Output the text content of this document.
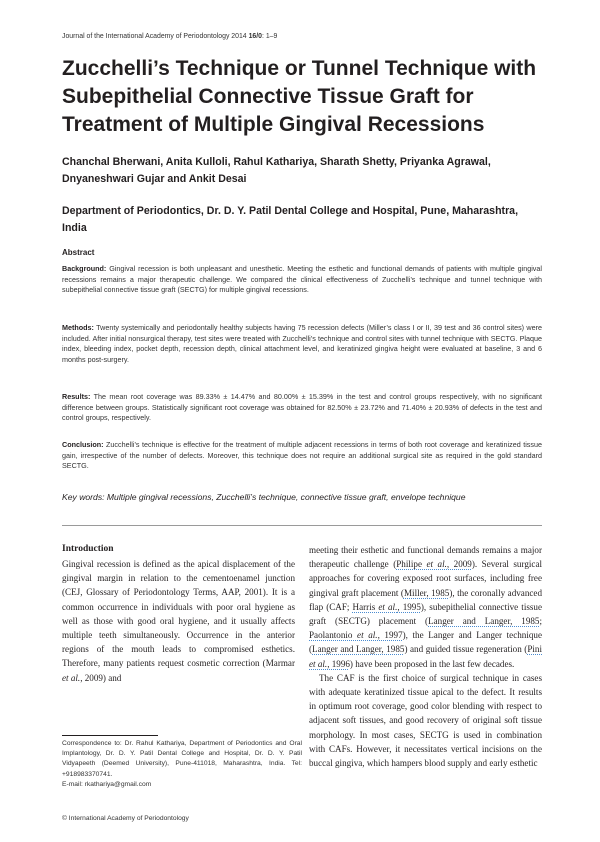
Journal of the International Academy of Periodontology 2014 16/0: 1–9
Zucchelli’s Technique or Tunnel Technique with Subepithelial Connective Tissue Graft for Treatment of Multiple Gingival Recessions

Chanchal Bherwani, Anita Kulloli, Rahul Kathariya, Sharath Shetty, Priyanka Agrawal, Dnyaneshwari Gujar and Ankit Desai

Department of Periodontics, Dr. D. Y. Patil Dental College and Hospital, Pune, Maharashtra, India

Abstract

Background: Gingival recession is both unpleasant and unesthetic. Meeting the esthetic and functional demands of patients with multiple gingival recessions remains a major therapeutic challenge. We compared the clinical effectiveness of Zucchelli’s technique and tunnel technique with subepithelial connective tissue graft (SECTG) for multiple gingival recessions.

Methods: Twenty systemically and periodontally healthy subjects having 75 recession defects (Miller’s class I or II, 39 test and 36 control sites) were included. After initial nonsurgical therapy, test sites were treated with Zucchelli’s technique and control sites with tunnel technique with SECTG. Plaque index, bleeding index, pocket depth, recession depth, clinical attachment level, and keratinized gingiva height were evaluated at baseline, 3 and 6 months post-surgery.

Results: The mean root coverage was 89.33% ± 14.47% and 80.00% ± 15.39% in the test and control groups respectively, with no significant difference between groups. Statistically significant root coverage was obtained for 82.50% ± 23.72% and 71.40% ± 20.93% of defects in the test and control groups, respectively.

Conclusion: Zucchelli’s technique is effective for the treatment of multiple adjacent recessions in terms of both root coverage and keratinized tissue gain, irrespective of the number of defects. Moreover, this technique does not require an additional surgical site as required in the gold standard SECTG.

Key words: Multiple gingival recessions, Zucchelli’s technique, connective tissue graft, envelope technique

Introduction

Gingival recession is defined as the apical displacement of the gingival margin in relation to the cementoenamel junction (CEJ, Glossary of Periodontology Terms, AAP, 2001). It is a common occurrence in individuals with poor oral hygiene as well as those with good oral hygiene, and it usually affects multiple teeth simultaneously. Occurrence in the anterior regions of the mouth leads to compromised esthetics. Therefore, many patients request cosmetic correction (Marmar et al., 2009) and

meeting their esthetic and functional demands remains a major therapeutic challenge (Philipe et al., 2009). Several surgical approaches for covering exposed root surfaces, including free gingival graft placement (Miller, 1985), the coronally advanced flap (CAF; Harris et al., 1995), subepithelial connective tissue graft (SECTG) placement (Langer and Langer, 1985; Paolantonio et al., 1997), the Langer and Langer technique (Langer and Langer, 1985) and guided tissue regeneration (Pini et al., 1996) have been proposed in the last few decades.

The CAF is the first choice of surgical technique in cases with adequate keratinized tissue apical to the defect. It results in optimum root coverage, good color blending with respect to adjacent soft tissues, and good recovery of original soft tissue morphology. In most cases, SECTG is used in combination with CAFs. However, it necessitates vertical incisions on the buccal gingiva, which hampers blood supply and early esthetic

Correspondence to: Dr. Rahul Kathariya, Department of Periodontics and Oral Implantology, Dr. D. Y. Patil Dental College and Hospital, Dr. D. Y. Patil Vidyapeeth (Deemed University), Pune-411018, Maharashtra, India. Tel: +918983370741.
E-mail: rkathariya@gmail.com

© International Academy of Periodontology
